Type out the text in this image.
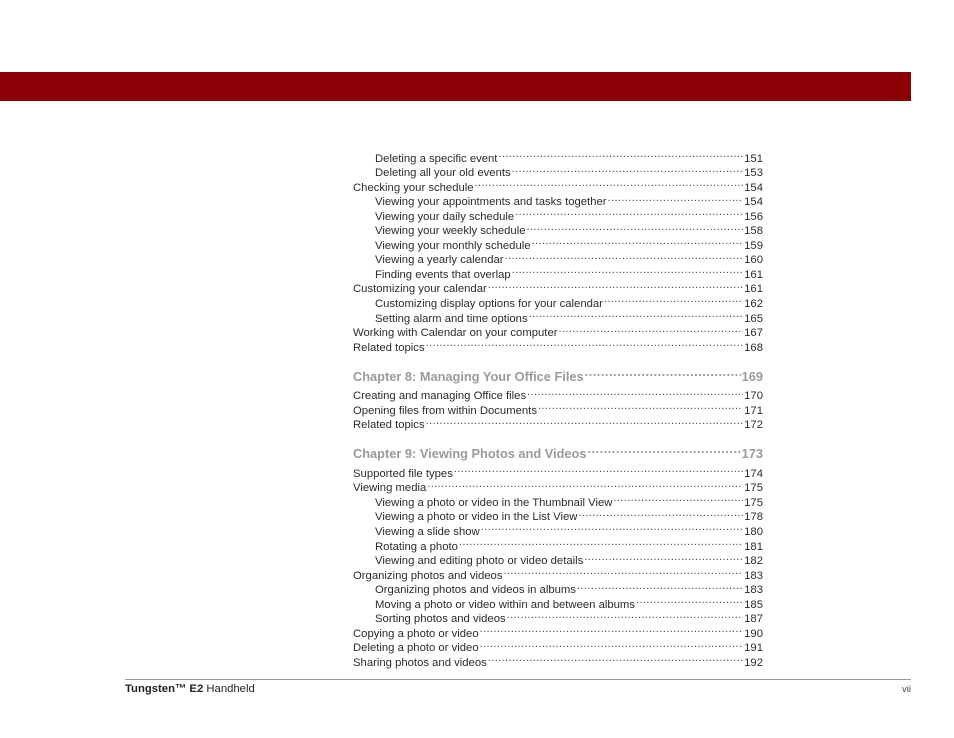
Deleting a specific event .....	151
Deleting all your old events .....	153
Checking your schedule .....	154
Viewing your appointments and tasks together .....	154
Viewing your daily schedule .....	156
Viewing your weekly schedule .....	158
Viewing your monthly schedule .....	159
Viewing a yearly calendar .....	160
Finding events that overlap .....	161
Customizing your calendar .....	161
Customizing display options for your calendar .....	162
Setting alarm and time options .....	165
Working with Calendar on your computer .....	167
Related topics .....	168
Chapter 8: Managing Your Office Files .....	169
Creating and managing Office files .....	170
Opening files from within Documents .....	171
Related topics .....	172
Chapter 9: Viewing Photos and Videos .....	173
Supported file types .....	174
Viewing media .....	175
Viewing a photo or video in the Thumbnail View .....	175
Viewing a photo or video in the List View .....	178
Viewing a slide show .....	180
Rotating a photo .....	181
Viewing and editing photo or video details .....	182
Organizing photos and videos .....	183
Organizing photos and videos in albums .....	183
Moving a photo or video within and between albums .....	185
Sorting photos and videos .....	187
Copying a photo or video .....	190
Deleting a photo or video .....	191
Sharing photos and videos .....	192
Tungsten™ E2 Handheld	vii
